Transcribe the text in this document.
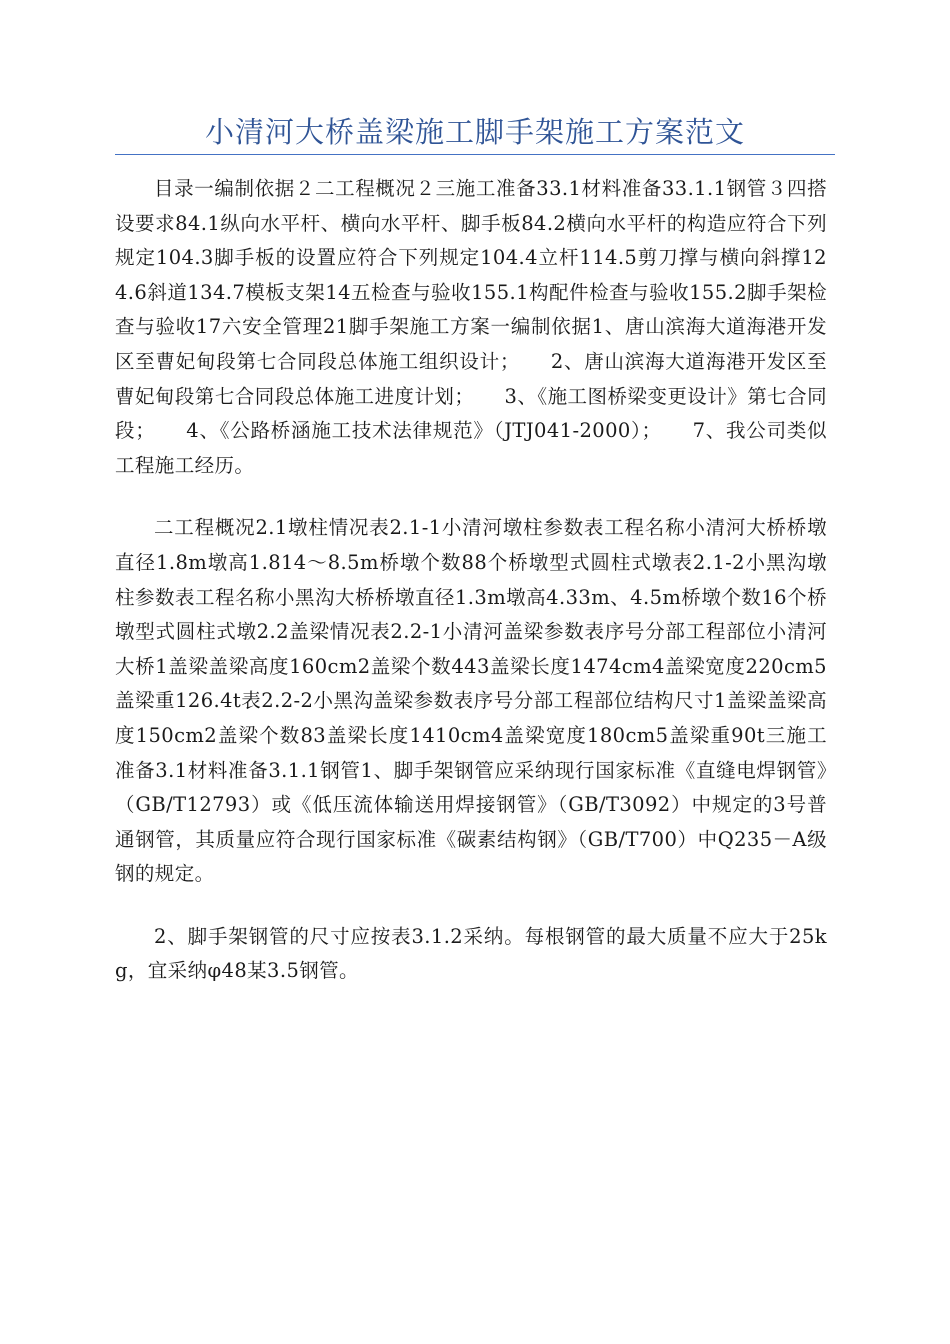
小清河大桥盖梁施工脚手架施工方案范文

目录一编制依据２二工程概况２三施工准备33.1材料准备33.1.1钢管３四搭设要求84.1纵向水平杆、横向水平杆、脚手板84.2横向水平杆的构造应符合下列规定104.3脚手板的设置应符合下列规定104.4立杆114.5剪刀撑与横向斜撑124.6斜道134.7模板支架14五检查与验收155.1构配件检查与验收155.2脚手架检查与验收17六安全管理21脚手架施工方案一编制依据1、唐山滨海大道海港开发区至曹妃甸段第七合同段总体施工组织设计；　　2、唐山滨海大道海港开发区至曹妃甸段第七合同段总体施工进度计划；　　3、《施工图桥梁变更设计》第七合同段；　　4、《公路桥涵施工技术法律规范》（JTJ041-2000）；　　7、我公司类似工程施工经历。

二工程概况2.1墩柱情况表2.1-1小清河墩柱参数表工程名称小清河大桥桥墩直径1.8m墩高1.814～8.5m桥墩个数88个桥墩型式圆柱式墩表2.1-2小黑沟墩柱参数表工程名称小黑沟大桥桥墩直径1.3m墩高4.33m、4.5m桥墩个数16个桥墩型式圆柱式墩2.2盖梁情况表2.2-1小清河盖梁参数表序号分部工程部位小清河大桥1盖梁盖梁高度160cm2盖梁个数443盖梁长度1474cm4盖梁宽度220cm5盖梁重126.4t表2.2-2小黑沟盖梁参数表序号分部工程部位结构尺寸1盖梁盖梁高度150cm2盖梁个数83盖梁长度1410cm4盖梁宽度180cm5盖梁重90t三施工准备3.1材料准备3.1.1钢管1、脚手架钢管应采纳现行国家标准《直缝电焊钢管》（GB/T12793）或《低压流体输送用焊接钢管》（GB/T3092）中规定的3号普通钢管，其质量应符合现行国家标准《碳素结构钢》（GB/T700）中Q235－A级钢的规定。

2、脚手架钢管的尺寸应按表3.1.2采纳。每根钢管的最大质量不应大于25kg，宜采纳φ48某3.5钢管。
